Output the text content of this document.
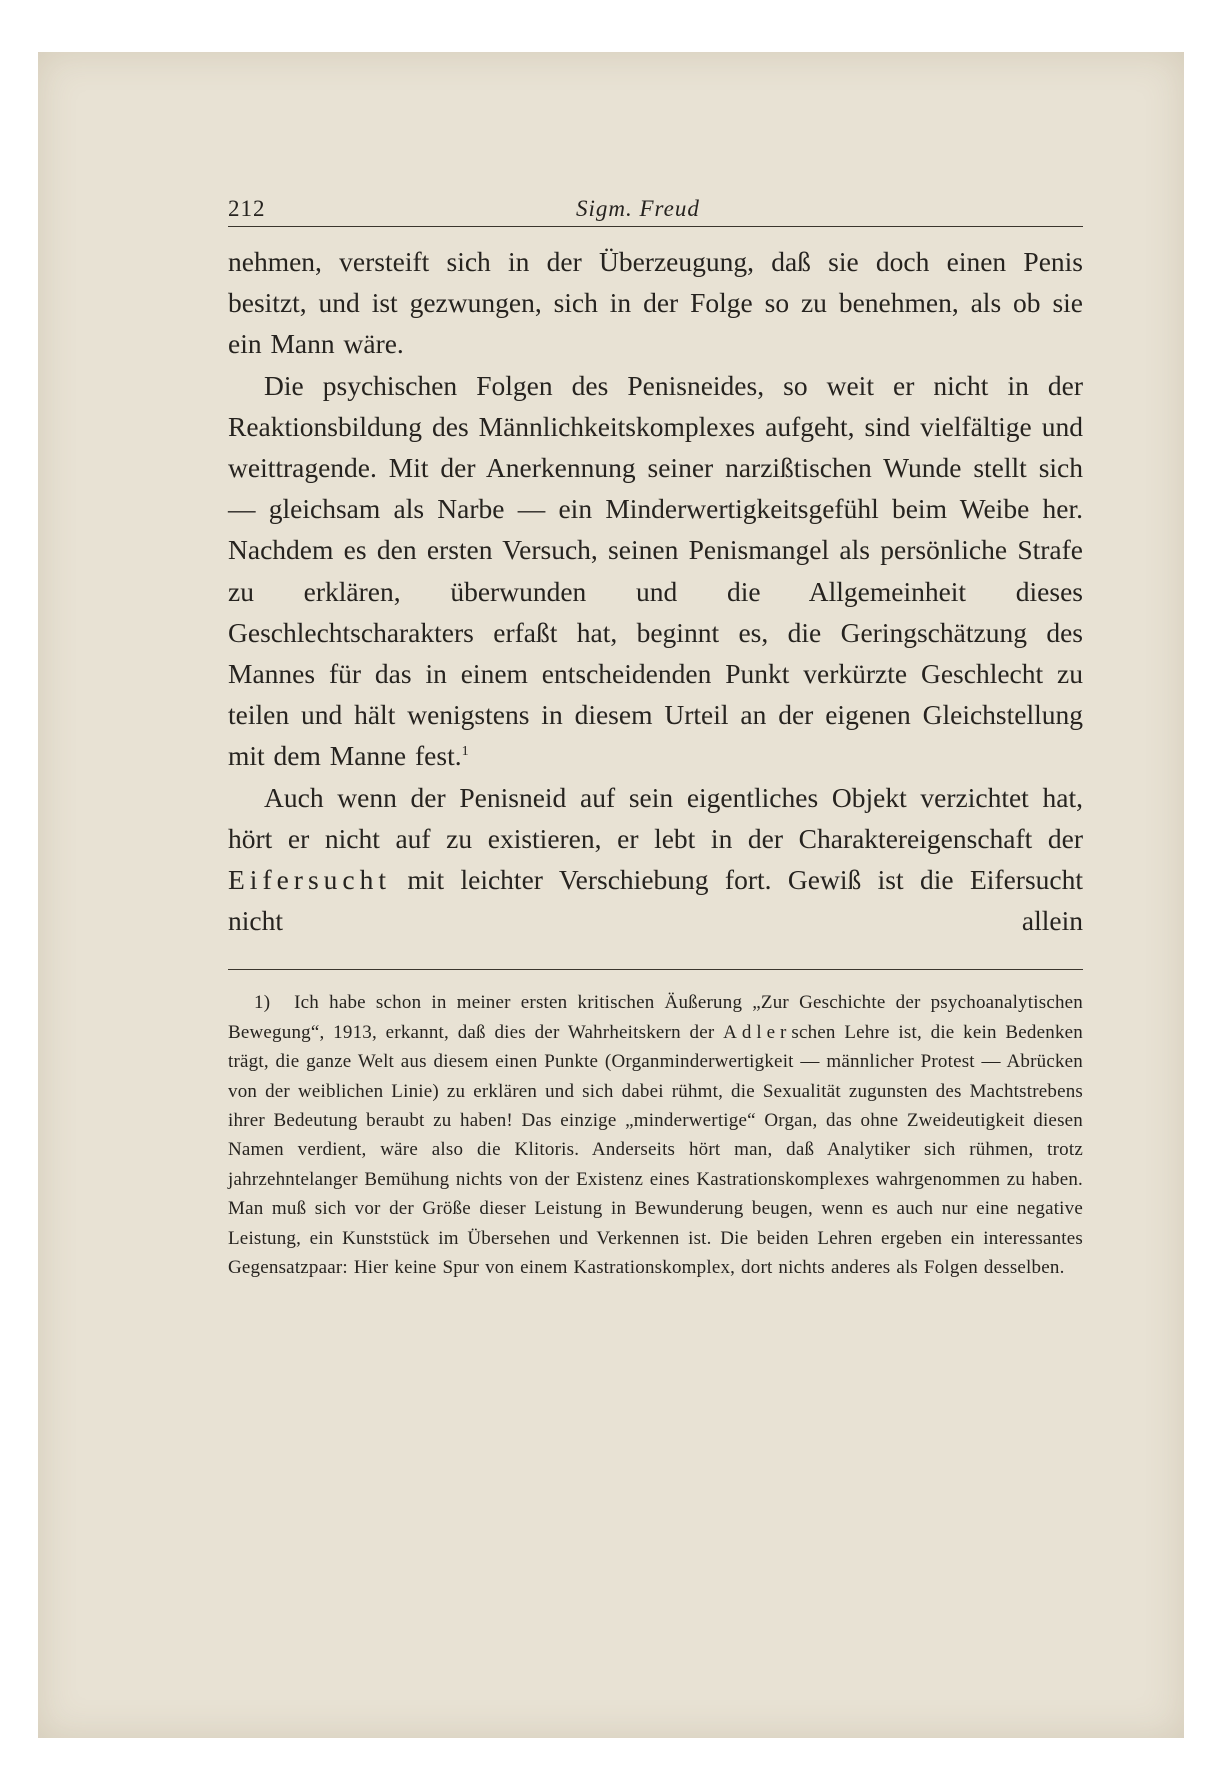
212	Sigm. Freud

nehmen, versteift sich in der Überzeugung, daß sie doch einen Penis besitzt, und ist gezwungen, sich in der Folge so zu benehmen, als ob sie ein Mann wäre.

Die psychischen Folgen des Penisneides, so weit er nicht in der Reaktionsbildung des Männlichkeitskomplexes aufgeht, sind vielfältige und weittragende. Mit der Anerkennung seiner narzißtischen Wunde stellt sich — gleichsam als Narbe — ein Minderwertigkeitsgefühl beim Weibe her. Nachdem es den ersten Versuch, seinen Penismangel als persönliche Strafe zu erklären, überwunden und die Allgemeinheit dieses Geschlechtscharakters erfaßt hat, beginnt es, die Geringschätzung des Mannes für das in einem entscheidenden Punkt verkürzte Geschlecht zu teilen und hält wenigstens in diesem Urteil an der eigenen Gleichstellung mit dem Manne fest.$^1$

Auch wenn der Penisneid auf sein eigentliches Objekt verzichtet hat, hört er nicht auf zu existieren, er lebt in der Charaktereigenschaft der Eifersucht mit leichter Verschiebung fort. Gewiß ist die Eifersucht nicht allein

1) Ich habe schon in meiner ersten kritischen Äußerung „Zur Geschichte der psychoanalytischen Bewegung“, 1913, erkannt, daß dies der Wahrheitskern der Adlerschen Lehre ist, die kein Bedenken trägt, die ganze Welt aus diesem einen Punkte (Organminderwertigkeit — männlicher Protest — Abrücken von der weiblichen Linie) zu erklären und sich dabei rühmt, die Sexualität zugunsten des Machtstrebens ihrer Bedeutung beraubt zu haben! Das einzige „minderwertige“ Organ, das ohne Zweideutigkeit diesen Namen verdient, wäre also die Klitoris. Anderseits hört man, daß Analytiker sich rühmen, trotz jahrzehntelanger Bemühung nichts von der Existenz eines Kastrationskomplexes wahrgenommen zu haben. Man muß sich vor der Größe dieser Leistung in Bewunderung beugen, wenn es auch nur eine negative Leistung, ein Kunststück im Übersehen und Verkennen ist. Die beiden Lehren ergeben ein interessantes Gegensatzpaar: Hier keine Spur von einem Kastrationskomplex, dort nichts anderes als Folgen desselben.
